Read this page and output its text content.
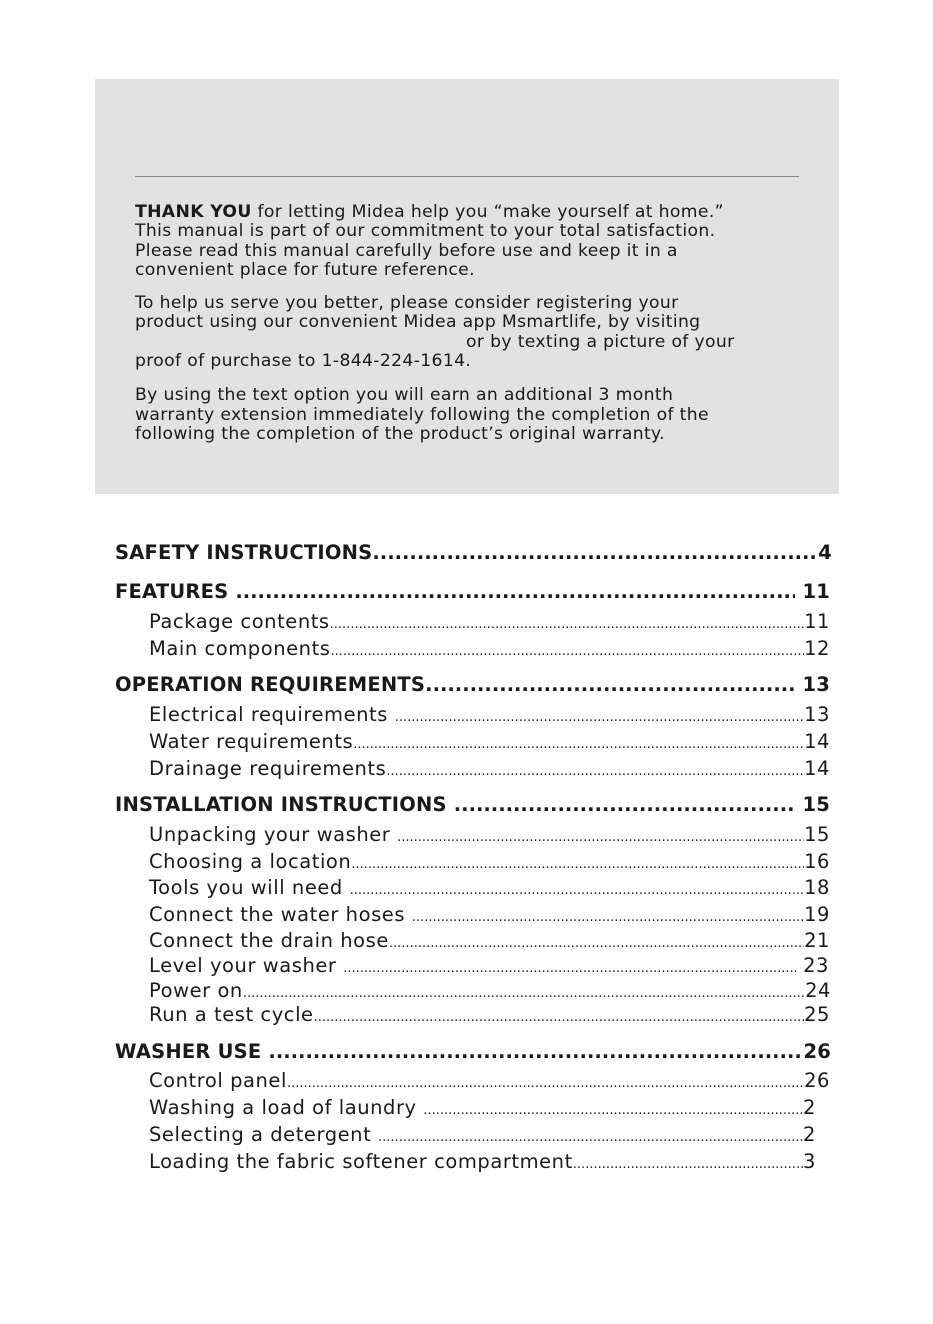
THANK YOU for letting Midea help you “make yourself at home.”
This manual is part of our commitment to your total satisfaction.
Please read this manual carefully before use and keep it in a
convenient place for future reference.

To help us serve you better, please consider registering your
product using our convenient Midea app Msmartlife, by visiting

or by texting a picture of your
proof of purchase to 1-844-224-1614.

By using the text option you will earn an additional 3 month
warranty extension immediately following the completion of the
following the completion of the product’s original warranty.

SAFETY INSTRUCTIONS .....	4
FEATURES .....	11
Package contents .....	11
Main components .....	12
OPERATION REQUIREMENTS .....	13
Electrical requirements .....	13
Water requirements .....	14
Drainage requirements .....	14
INSTALLATION INSTRUCTIONS .....	15
Unpacking your washer .....	15
Choosing a location .....	16
Tools you will need .....	18
Connect the water hoses .....	19
Connect the drain hose .....	21
Level your washer .....	23
Power on .....	24
Run a test cycle .....	25
WASHER USE .....	26
Control panel .....	26
Washing a load of laundry .....	2
Selecting a detergent .....	2
Loading the fabric softener compartment .....	3
